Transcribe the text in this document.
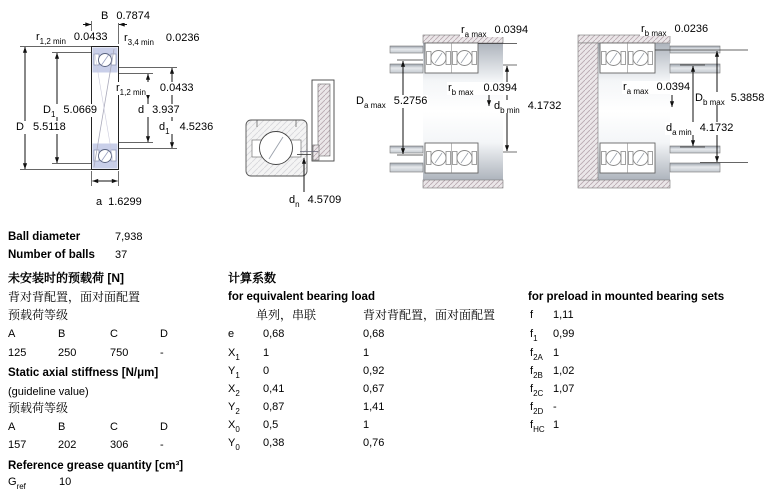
B 0.7874
$r_{1,2 min}$ 0.0433 $r_{3,4 min}$ 0.0236
$r_{1,2 min}$ 0.0433
$D_1$ 5.0669
D 5.5118
d 3.937
$d_1$ 4.5236
a 1.6299	$d_n$ 4.5709
$r_{a max}$ 0.0394
$r_{b max}$ 0.0394
$D_{a max}$ 5.2756	$d_{b min}$ 4.1732
$r_{b max}$ 0.0236
$r_{a max}$ 0.0394
$D_{b max}$ 5.3858
$d_{a min}$ 4.1732
Ball diameter	7,938
Number of balls 37
未安装时的预载荷 [N]
背对背配置，面对面配置
预载荷等级
A	B	C	D
125	250	750	-
Static axial stiffness [N/μm]
(guideline value)
预载荷等级
A	B	C	D
157	202	306	-
Reference grease quantity [cm³]
$G_{ref}$	10
计算系数
for equivalent bearing load
单列，串联	背对背配置，面对面配置
e	0,68	0,68
$X_1$ 1	1
$Y_1$ 0	0,92
$X_2$ 0,41	0,67
$Y_2$ 0,87	1,41
$X_0$ 0,5	1
$Y_0$ 0,38	0,76
for preload in mounted bearing sets
f 1,11
$f_1$ 0,99
$f_{2A}$ 1
$f_{2B}$ 1,02
$f_{2C}$ 1,07
$f_{2D}$ -
$f_{HC}$ 1
